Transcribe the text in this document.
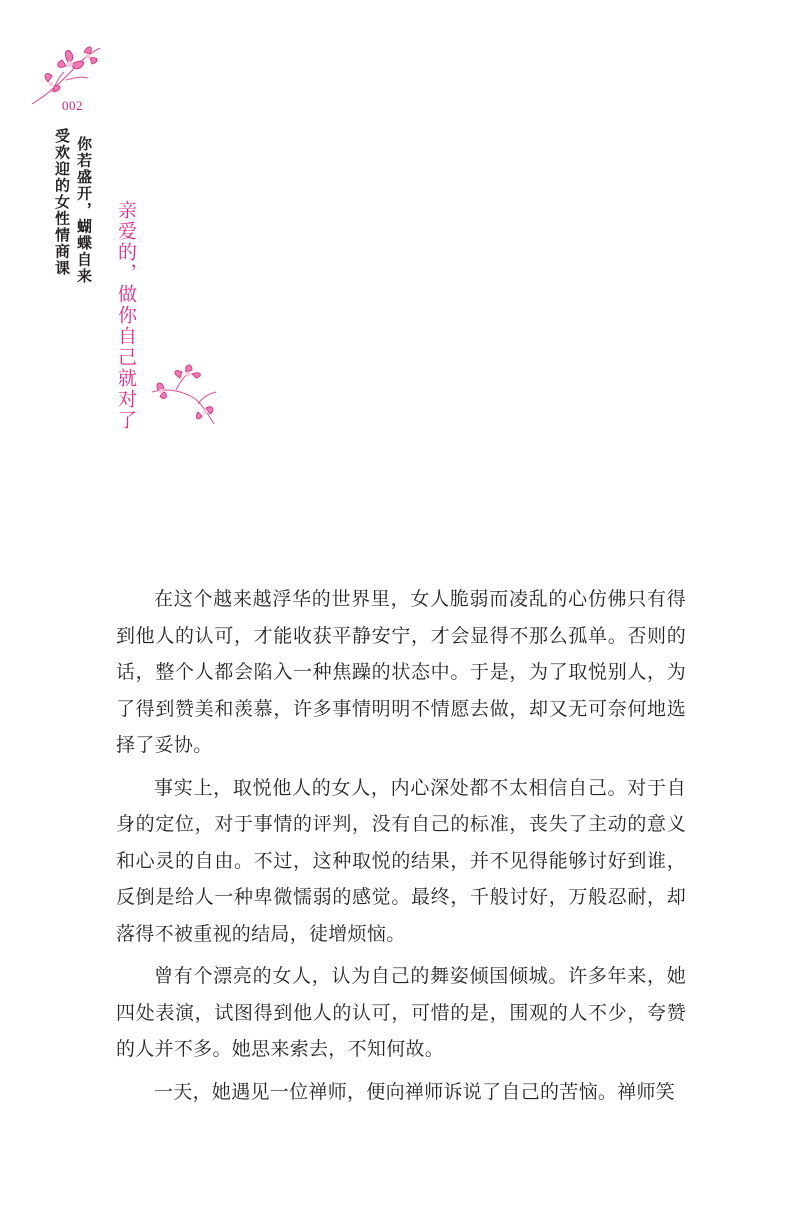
002
你若盛开，蝴蝶自来
受欢迎的女性情商课 亲爱的，做你自己就对了

在这个越来越浮华的世界里，女人脆弱而凌乱的心仿佛只有得到他人的认可，才能收获平静安宁，才会显得不那么孤单。否则的话，整个人都会陷入一种焦躁的状态中。于是，为了取悦别人，为了得到赞美和羡慕，许多事情明明不情愿去做，却又无可奈何地选择了妥协。

事实上，取悦他人的女人，内心深处都不太相信自己。对于自身的定位，对于事情的评判，没有自己的标准，丧失了主动的意义和心灵的自由。不过，这种取悦的结果，并不见得能够讨好到谁，反倒是给人一种卑微懦弱的感觉。最终，千般讨好，万般忍耐，却落得不被重视的结局，徒增烦恼。

曾有个漂亮的女人，认为自己的舞姿倾国倾城。许多年来，她四处表演，试图得到他人的认可，可惜的是，围观的人不少，夸赞的人并不多。她思来索去，不知何故。

一天，她遇见一位禅师，便向禅师诉说了自己的苦恼。禅师笑
